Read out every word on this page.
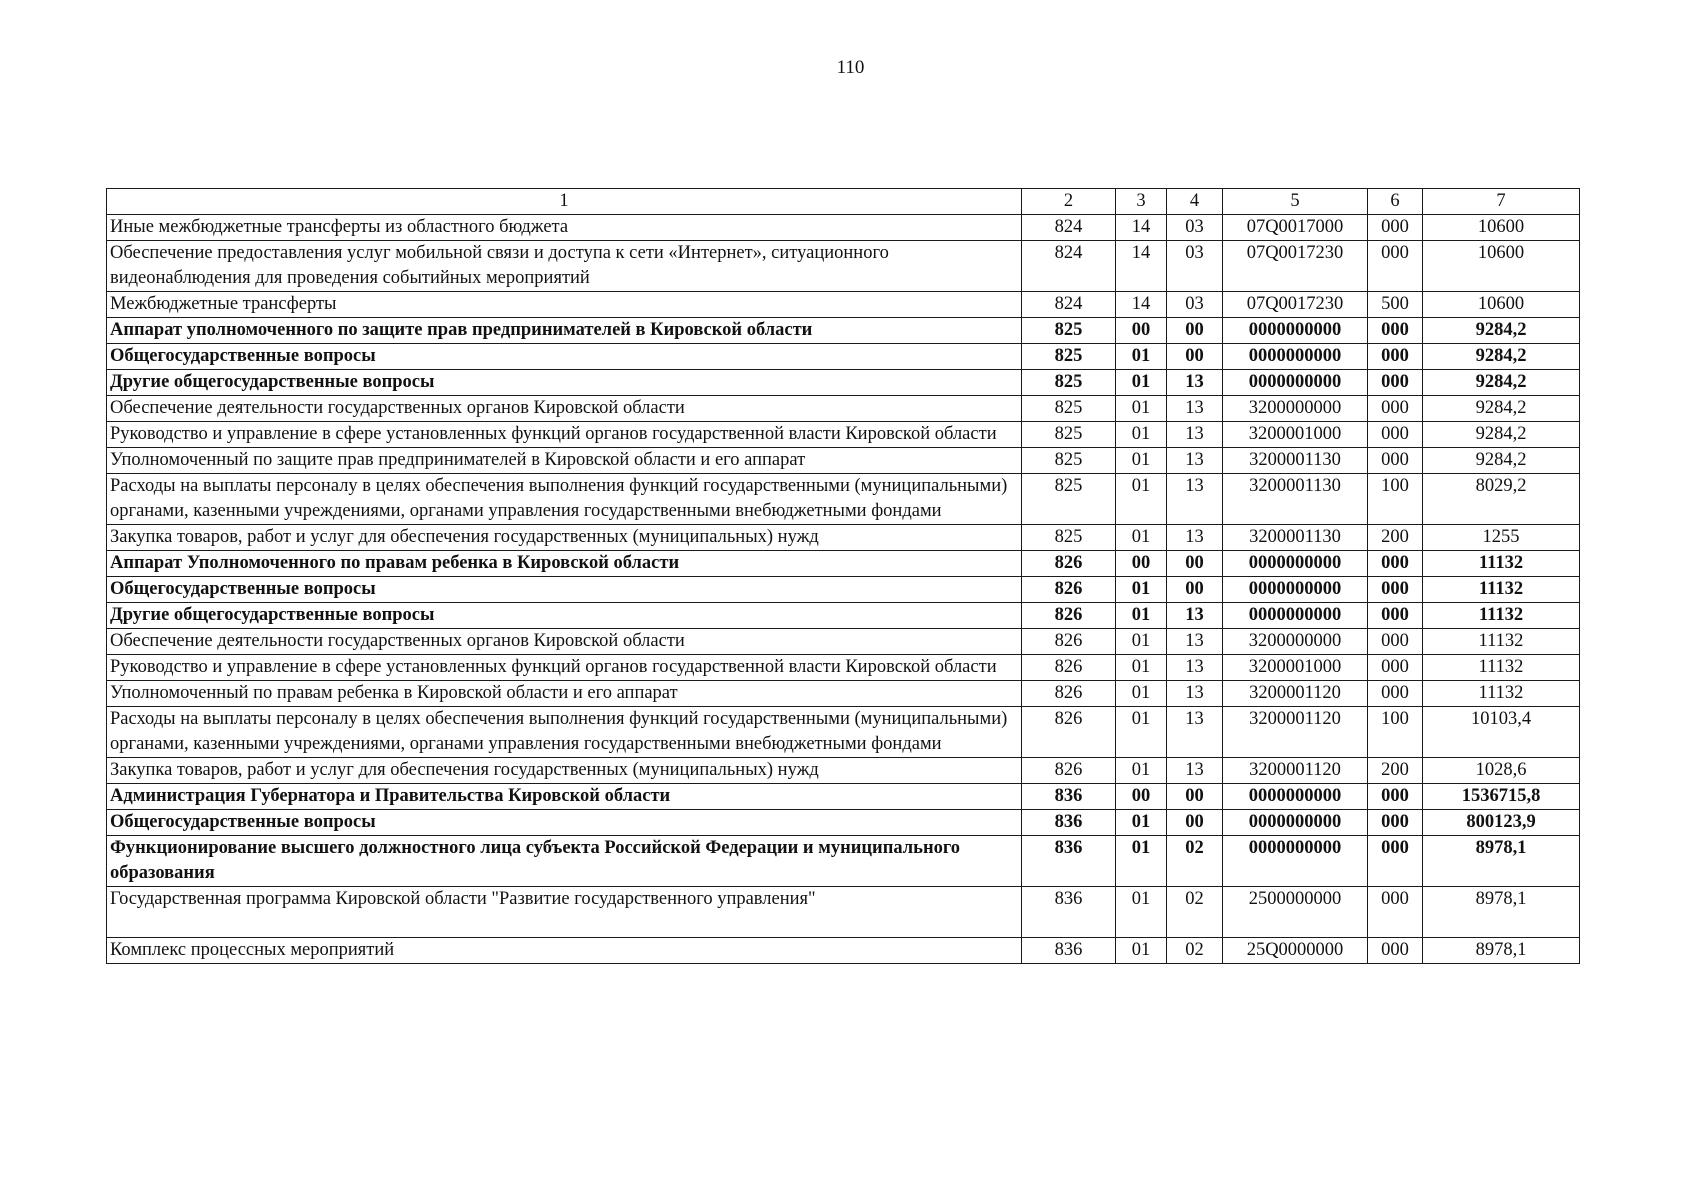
110
1	2	3	4	5	6	7
Иные межбюджетные трансферты из областного бюджета	824	14	03	07Q0017000	000	10600
Обеспечение предоставления услуг мобильной связи и доступа к сети «Интернет», ситуационного видеонаблюдения для проведения событийных мероприятий	824	14	03	07Q0017230	000	10600
Межбюджетные трансферты	824	14	03	07Q0017230	500	10600
Аппарат уполномоченного по защите прав предпринимателей в Кировской области	825	00	00	0000000000	000	9284,2
Общегосударственные вопросы	825	01	00	0000000000	000	9284,2
Другие общегосударственные вопросы	825	01	13	0000000000	000	9284,2
Обеспечение деятельности государственных органов Кировской области	825	01	13	3200000000	000	9284,2
Руководство и управление в сфере установленных функций органов государственной власти Кировской области	825	01	13	3200001000	000	9284,2
Уполномоченный по защите прав предпринимателей в Кировской области и его аппарат	825	01	13	3200001130	000	9284,2
Расходы на выплаты персоналу в целях обеспечения выполнения функций государственными (муниципальными) органами, казенными учреждениями, органами управления государственными внебюджетными фондами	825	01	13	3200001130	100	8029,2
Закупка товаров, работ и услуг для обеспечения государственных (муниципальных) нужд	825	01	13	3200001130	200	1255
Аппарат Уполномоченного по правам ребенка в Кировской области	826	00	00	0000000000	000	11132
Общегосударственные вопросы	826	01	00	0000000000	000	11132
Другие общегосударственные вопросы	826	01	13	0000000000	000	11132
Обеспечение деятельности государственных органов Кировской области	826	01	13	3200000000	000	11132
Руководство и управление в сфере установленных функций органов государственной власти Кировской области	826	01	13	3200001000	000	11132
Уполномоченный по правам ребенка в Кировской области и его аппарат	826	01	13	3200001120	000	11132
Расходы на выплаты персоналу в целях обеспечения выполнения функций государственными (муниципальными) органами, казенными учреждениями, органами управления государственными внебюджетными фондами	826	01	13	3200001120	100	10103,4
Закупка товаров, работ и услуг для обеспечения государственных (муниципальных) нужд	826	01	13	3200001120	200	1028,6
Администрация Губернатора и Правительства Кировской области	836	00	00	0000000000	000	1536715,8
Общегосударственные вопросы	836	01	00	0000000000	000	800123,9
Функционирование высшего должностного лица субъекта Российской Федерации и муниципального образования	836	01	02	0000000000	000	8978,1
Государственная программа Кировской области "Развитие государственного управления"	836	01	02	2500000000	000	8978,1
Комплекс процессных мероприятий	836	01	02	25Q0000000	000	8978,1
